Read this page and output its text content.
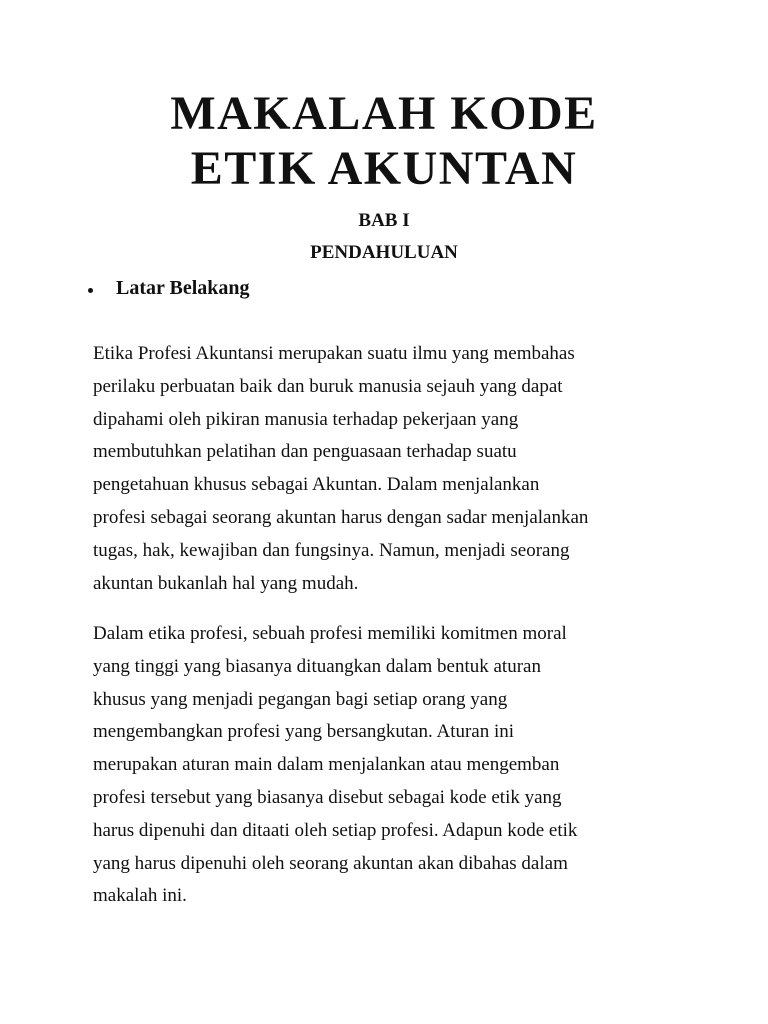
MAKALAH KODE
ETIK AKUNTAN

BAB I

PENDAHULUAN

Latar Belakang

Etika Profesi Akuntansi merupakan suatu ilmu yang membahas
perilaku perbuatan baik dan buruk manusia sejauh yang dapat
dipahami oleh pikiran manusia terhadap pekerjaan yang
membutuhkan pelatihan dan penguasaan terhadap suatu
pengetahuan khusus sebagai Akuntan. Dalam menjalankan
profesi sebagai seorang akuntan harus dengan sadar menjalankan
tugas, hak, kewajiban dan fungsinya. Namun, menjadi seorang
akuntan bukanlah hal yang mudah.

Dalam etika profesi, sebuah profesi memiliki komitmen moral
yang tinggi yang biasanya dituangkan dalam bentuk aturan
khusus yang menjadi pegangan bagi setiap orang yang
mengembangkan profesi yang bersangkutan. Aturan ini
merupakan aturan main dalam menjalankan atau mengemban
profesi tersebut yang biasanya disebut sebagai kode etik yang
harus dipenuhi dan ditaati oleh setiap profesi. Adapun kode etik
yang harus dipenuhi oleh seorang akuntan akan dibahas dalam
makalah ini.
